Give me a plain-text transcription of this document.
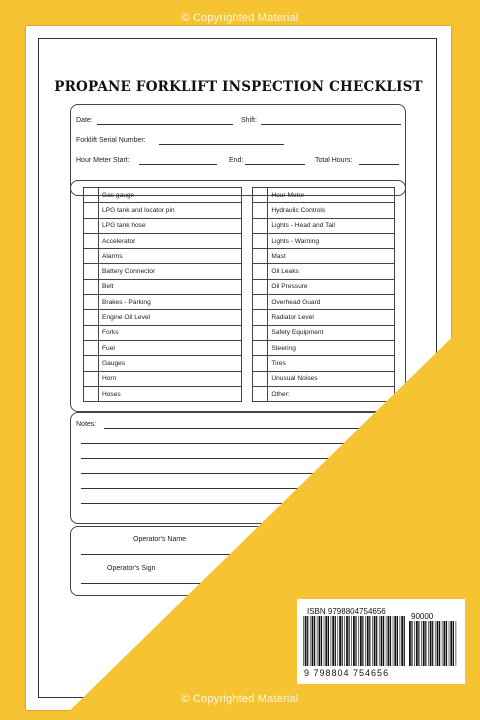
© Copyrighted Material
PROPANE FORKLIFT INSPECTION CHECKLIST
Date:	Shift:
Forklift Serial Number:
Hour Meter Start:	End:	Total Hours:
	Gas gauge			Hour Meter
	LPG tank and locator pin			Hydraulic Controls
	LPG tank hose			Lights - Head and Tail
	Accelerator			Lights - Warning
	Alarms			Mast
	Battery Connector			Oil Leaks
	Belt			Oil Pressure
	Brakes - Parking			Overhead Guard
	Engine Oil Level			Radiator Level
	Forks			Safety Equipment
	Fuel			Steering
	Gauges			Tires
	Horn			Unusual Noises
	Hoses			Other:
Notes:
Operator's Name
Operator's Sign
ISBN 9798804754656
90000
9 798804 754656
© Copyrighted Material
